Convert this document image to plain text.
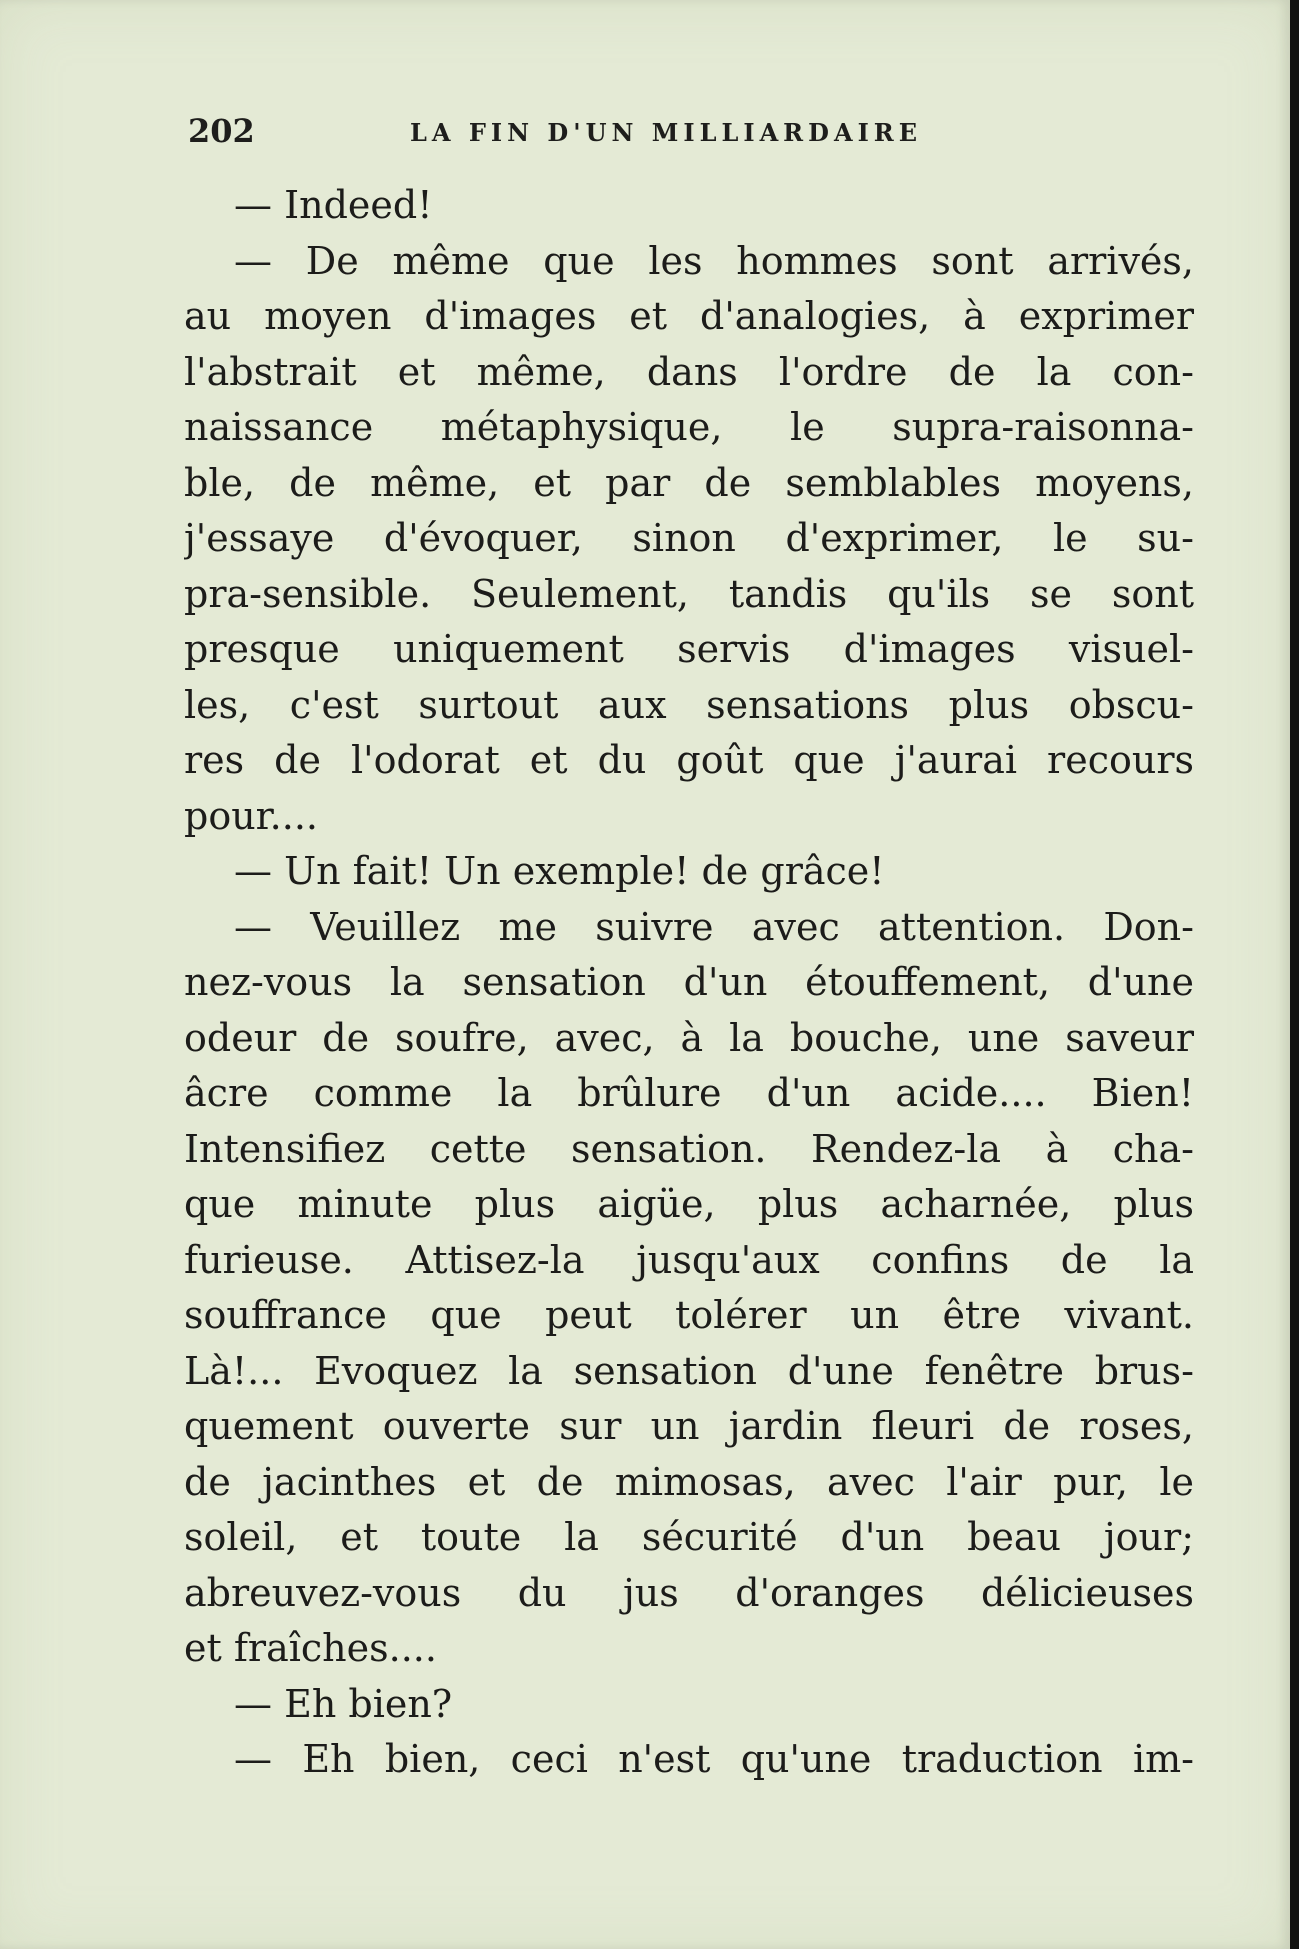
202	LA FIN D'UN MILLIARDAIRE
— Indeed!
— De même que les hommes sont arrivés,
au moyen d'images et d'analogies, à exprimer
l'abstrait et même, dans l'ordre de la con-
naissance métaphysique, le supra-raisonna-
ble, de même, et par de semblables moyens,
j'essaye d'évoquer, sinon d'exprimer, le su-
pra-sensible. Seulement, tandis qu'ils se sont
presque uniquement servis d'images visuel-
les, c'est surtout aux sensations plus obscu-
res de l'odorat et du goût que j'aurai recours
pour....
— Un fait! Un exemple! de grâce!
— Veuillez me suivre avec attention. Don-
nez-vous la sensation d'un étouffement, d'une
odeur de soufre, avec, à la bouche, une saveur
âcre comme la brûlure d'un acide.... Bien!
Intensifiez cette sensation. Rendez-la à cha-
que minute plus aigüe, plus acharnée, plus
furieuse. Attisez-la jusqu'aux confins de la
souffrance que peut tolérer un être vivant.
Là!... Evoquez la sensation d'une fenêtre brus-
quement ouverte sur un jardin fleuri de roses,
de jacinthes et de mimosas, avec l'air pur, le
soleil, et toute la sécurité d'un beau jour;
abreuvez-vous du jus d'oranges délicieuses
et fraîches....
— Eh bien?
— Eh bien, ceci n'est qu'une traduction im-
